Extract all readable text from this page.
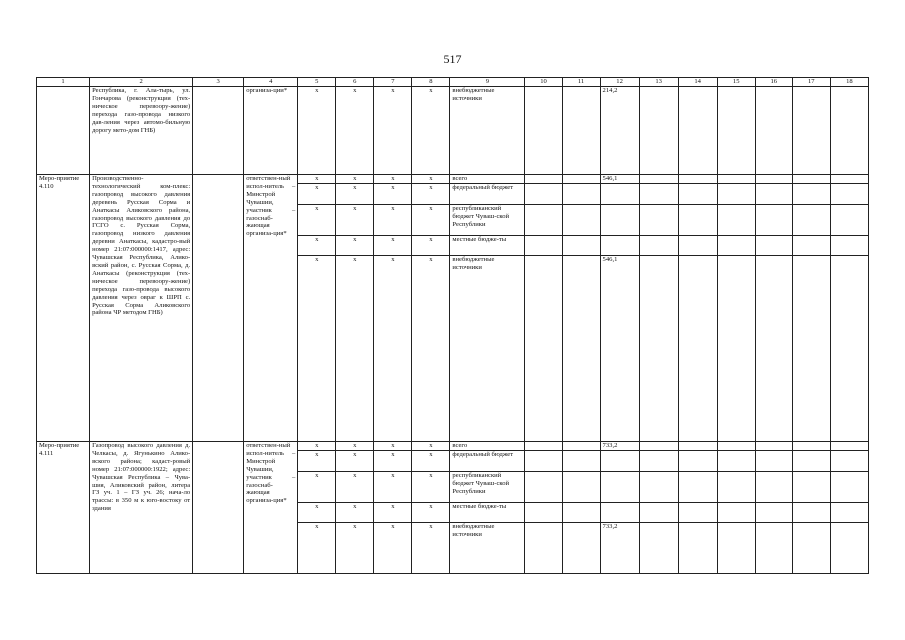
517
1	2	3	4	5	6	7	8	9	10	11	12	13	14	15	16	17	18
	Республика, г. Ала-тырь, ул. Гончарова (реконструкция (тех-ническое перевоору-жение) перехода газо-провода низкого дав-ления через автомо-бильную дорогу мето-дом ГНБ)		организа-ции*	x	x	x	x	внебюджетные источники			214,2						
Меро-приятие 4.110	Производственно-технологический ком-плекс: газопровод высокого давления деревень Русская Сорма и Анаткасы Аликовского района, газопровод высокого давления до ГСГО с. Русская Сорма, газопровод низкого давления деревни Анаткасы, кадастро-вый номер 21:07:000000:1417, адрес: Чувашская Республика, Алико-вский район, с. Русская Сорма, д. Анаткасы (реконструкция (тех-ническое перевоору-жение) перехода газо-провода высокого давления через овраг к ШРП с. Русская Сорма Аликовского района ЧР методом ГНБ)		ответствен-ный испол-нитель – Минстрой Чувашии, участник – газоснаб-жающая организа-ция*	x	x	x	x	всего			546,1						
				x	x	x	x	федеральный бюджет									
				x	x	x	x	республиканский бюджет Чуваш-ской Республики									
				x	x	x	x	местные бюдже-ты									
				x	x	x	x	внебюджетные источники			546,1						
Меро-приятие 4.111	Газопровод высокого давления д. Челкасы, д. Ягунькино Алико-вского района; кадаст-ровый номер 21:07:000000:1922; адрес: Чувашская Республика – Чува-шия, Аликовский район, литера ГЗ уч. 1 – ГЗ уч. 26; нача-ло трассы: в 350 м к юго-востоку от здания		ответствен-ный испол-нитель – Минстрой Чувашии, участник – газоснаб-жающая организа-ция*	x	x	x	x	всего			733,2						
				x	x	x	x	федеральный бюджет									
				x	x	x	x	республиканский бюджет Чуваш-ской Республики									
				x	x	x	x	местные бюдже-ты									
				x	x	x	x	внебюджетные источники			733,2						
